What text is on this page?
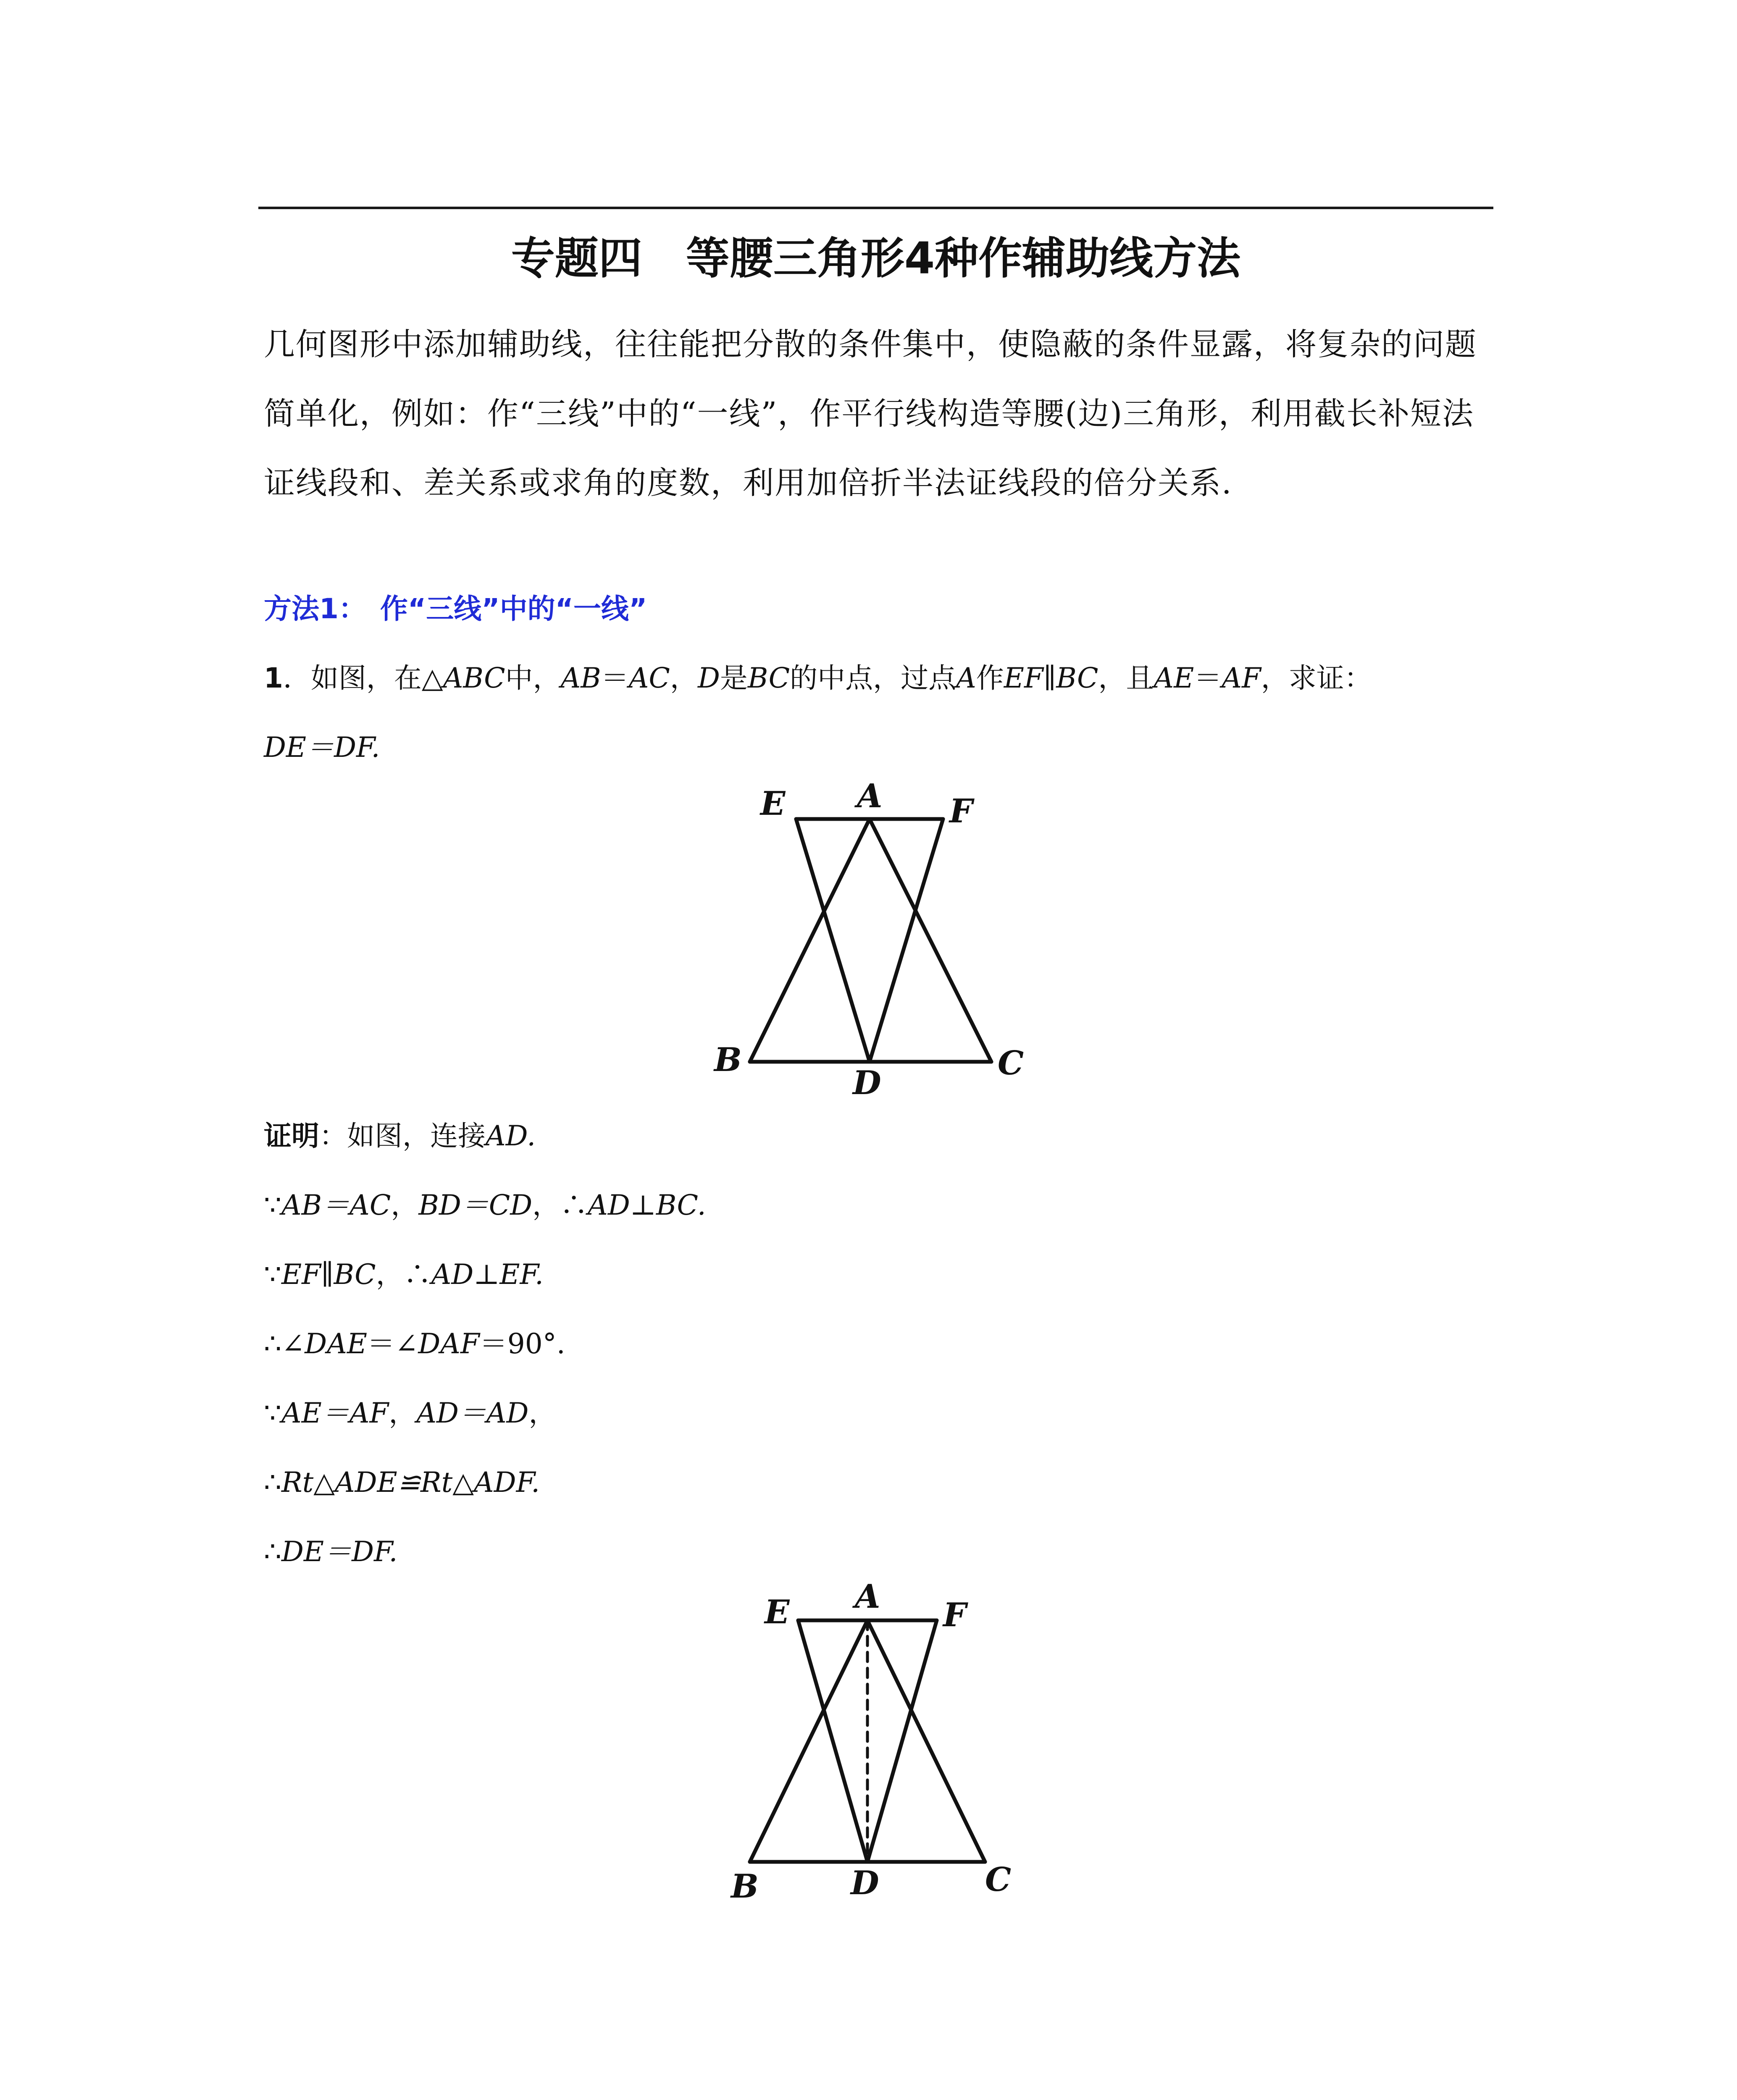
专题四　等腰三角形4种作辅助线方法
几何图形中添加辅助线，往往能把分散的条件集中，使隐蔽的条件显露，将复杂的问题简单化，例如：作“三线”中的“一线”，作平行线构造等腰(边)三角形，利用截长补短法证线段和、差关系或求角的度数，利用加倍折半法证线段的倍分关系.
方法1：　作“三线”中的“一线”
1．如图，在△ABC中，AB＝AC，D是BC的中点，过点A作EF∥BC，且AE＝AF，求证：
DE＝DF.
A
E	F
B
D
C
证明：如图，连接AD.
∵AB＝AC，BD＝CD，∴AD⊥BC.
∵EF∥BC，∴AD⊥EF.
∴∠DAE＝∠DAF＝90°.
∵AE＝AF，AD＝AD，
∴Rt△ADE≌Rt△ADF.
∴DE＝DF.
A
E	F
B	D	C
